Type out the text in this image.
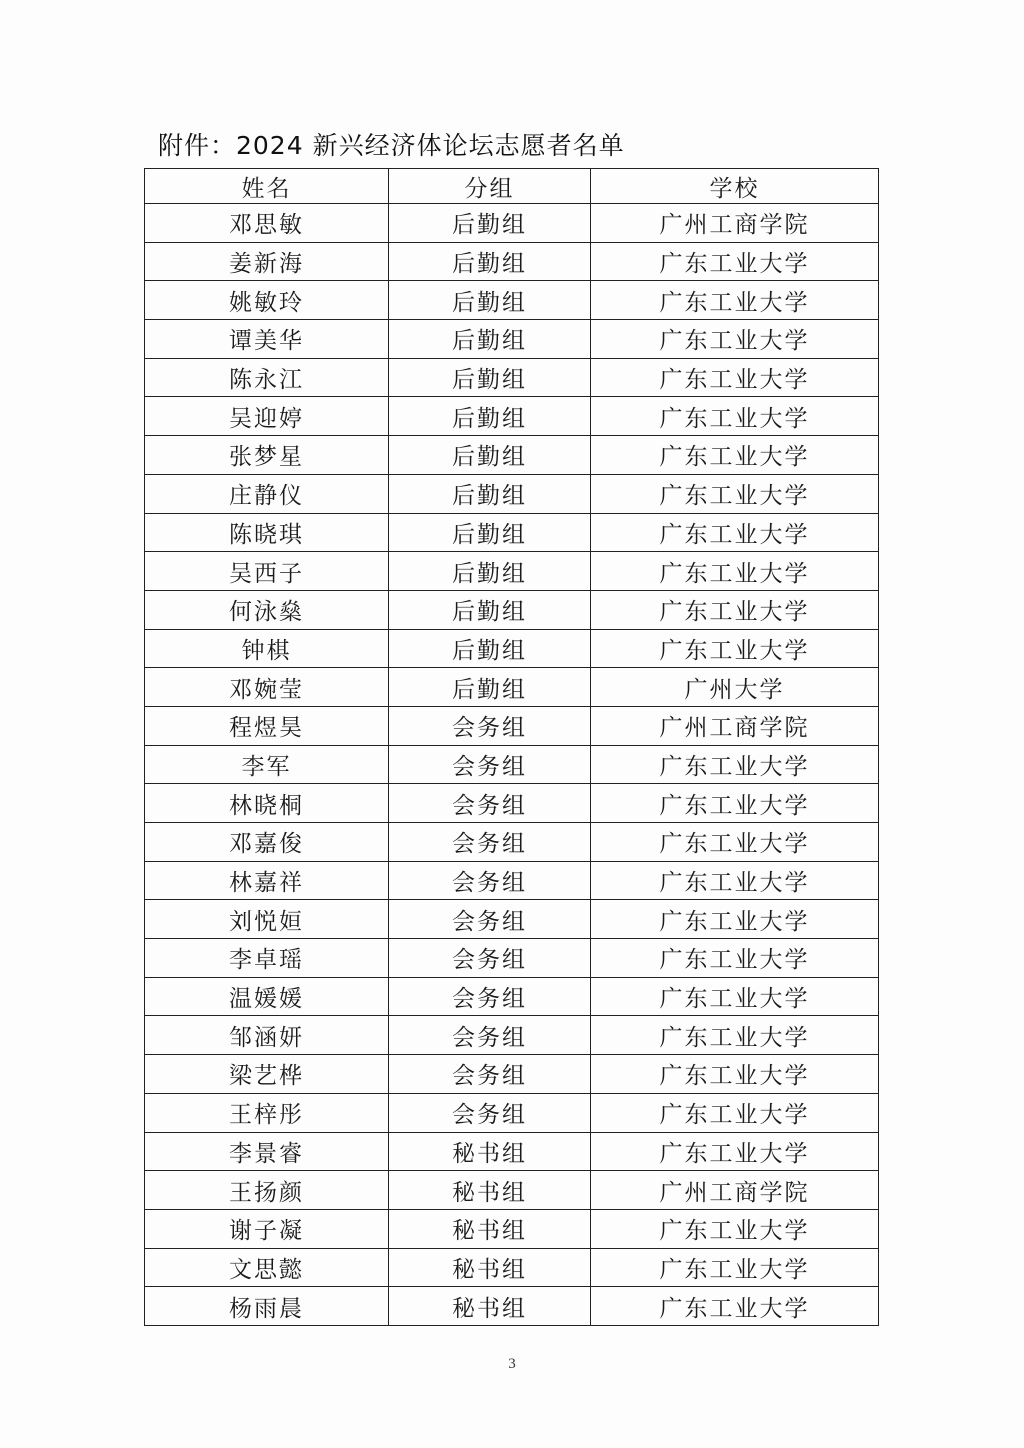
附件：2024 新兴经济体论坛志愿者名单
姓名	分组	学校
邓思敏	后勤组	广州工商学院
姜新海	后勤组	广东工业大学
姚敏玲	后勤组	广东工业大学
谭美华	后勤组	广东工业大学
陈永江	后勤组	广东工业大学
吴迎婷	后勤组	广东工业大学
张梦星	后勤组	广东工业大学
庄静仪	后勤组	广东工业大学
陈晓琪	后勤组	广东工业大学
吴西子	后勤组	广东工业大学
何泳燊	后勤组	广东工业大学
钟棋	后勤组	广东工业大学
邓婉莹	后勤组	广州大学
程煜昊	会务组	广州工商学院
李军	会务组	广东工业大学
林晓桐	会务组	广东工业大学
邓嘉俊	会务组	广东工业大学
林嘉祥	会务组	广东工业大学
刘悦姮	会务组	广东工业大学
李卓瑶	会务组	广东工业大学
温媛媛	会务组	广东工业大学
邹涵妍	会务组	广东工业大学
梁艺桦	会务组	广东工业大学
王梓彤	会务组	广东工业大学
李景睿	秘书组	广东工业大学
王扬颜	秘书组	广州工商学院
谢子凝	秘书组	广东工业大学
文思懿	秘书组	广东工业大学
杨雨晨	秘书组	广东工业大学
3
